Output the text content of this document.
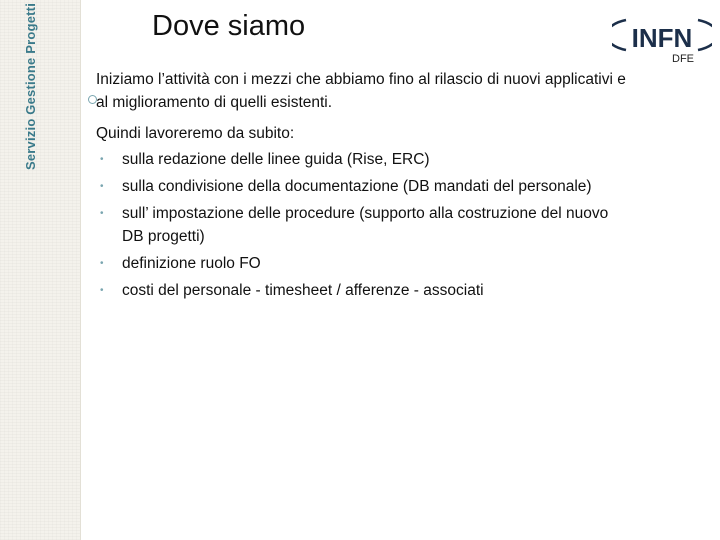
Servizio Gestione Progetti	Dove siamo	INFN
DFE

Iniziamo l’attività con i mezzi che abbiamo fino al rilascio di nuovi applicativi e al miglioramento di quelli esistenti.

Quindi lavoreremo da subito:

• sulla redazione delle linee guida (Rise, ERC)
• sulla condivisione della documentazione (DB mandati del personale)
• sull’ impostazione delle procedure (supporto alla costruzione del nuovo DB progetti)
• definizione ruolo FO
• costi del personale - timesheet / afferenze - associati
